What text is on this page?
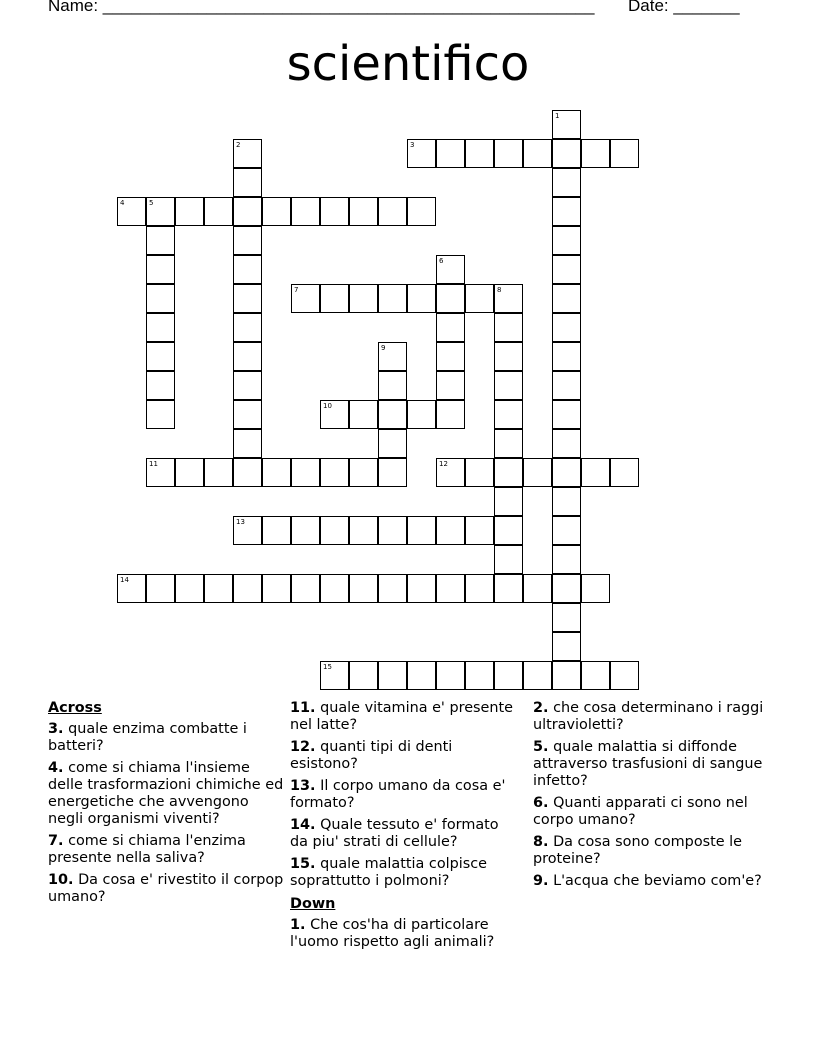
Name: ____________________________________________________ Date: _______
scientifico
1
2	3
4	5
6
7	8
9
10
11	12
13
14
15
Across
3. quale enzima combatte i batteri?
4. come si chiama l'insieme delle trasformazioni chimiche ed energetiche che avvengono negli organismi viventi?
7. come si chiama l'enzima presente nella saliva?
10. Da cosa e' rivestito il corpop umano?
11. quale vitamina e' presente nel latte?
12. quanti tipi di denti esistono?
13. Il corpo umano da cosa e' formato?
14. Quale tessuto e' formato da piu' strati di cellule?
15. quale malattia colpisce soprattutto i polmoni?
Down
1. Che cos'ha di particolare l'uomo rispetto agli animali?
2. che cosa determinano i raggi ultravioletti?
5. quale malattia si diffonde attraverso trasfusioni di sangue infetto?
6. Quanti apparati ci sono nel corpo umano?
8. Da cosa sono composte le proteine?
9. L'acqua che beviamo com'e?
